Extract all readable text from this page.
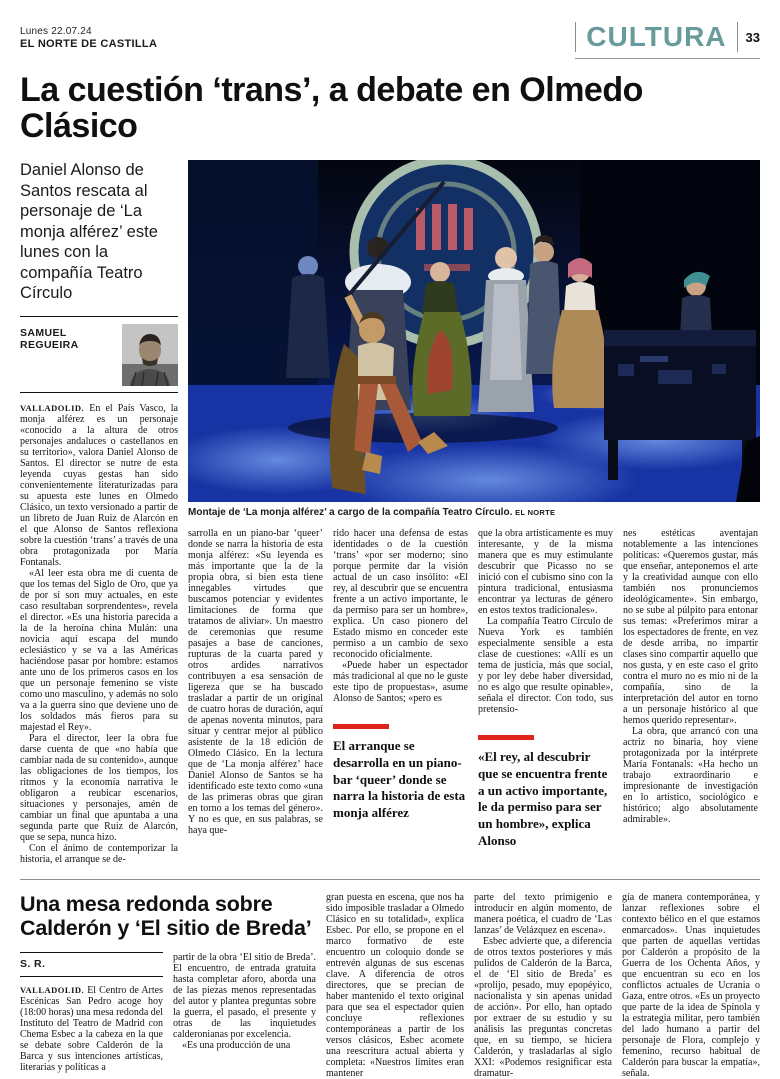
Lunes 22.07.24
EL NORTE DE CASTILLA	CULTURA	33
La cuestión ‘trans’, a debate en Olmedo Clásico
Daniel Alonso de Santos rescata al personaje de ‘La monja alférez’ este lunes con la compañía Teatro Círculo
SAMUEL REGUEIRA

VALLADOLID. En el País Vasco, la monja alférez es un personaje «conocido a la altura de otros personajes andaluces o castellanos en su territorio», valora Daniel Alonso de Santos. El director se nutre de esta leyenda cuyas gestas han sido convenientemente literaturizadas para su apuesta este lunes en Olmedo Clásico, un texto versionado a partir de un libreto de Juan Ruiz de Alarcón en el que Alonso de Santos reflexiona sobre la cuestión ‘trans’ a través de una obra protagonizada por María Fontanals.

«Al leer esta obra me di cuenta de que los temas del Siglo de Oro, que ya de por sí son muy actuales, en este caso resultaban sorprendentes», revela el director. «Es una historia parecida a la de la heroína china Mulán: una novicia aquí escapa del mundo eclesiástico y se va a las Américas haciéndose pasar por hombre: estamos ante uno de los primeros casos en los que un personaje femenino se viste como uno masculino, y además no solo va a la guerra sino que deviene uno de los soldados más fieros para su majestad el Rey».

Para el director, leer la obra fue darse cuenta de que «no había que cambiar nada de su contenido», aunque las obligaciones de los tiempos, los ritmos y la economía narrativa le obligaron a reubicar escenarios, situaciones y personajes, amén de cambiar un final que apuntaba a una segunda parte que Ruiz de Alarcón, que se sepa, nunca hizo.

Con el ánimo de contemporizar la historia, el arranque se de-

Montaje de ‘La monja alférez’ a cargo de la compañía Teatro Círculo. EL NORTE

sarrolla en un piano-bar ‘queer’ donde se narra la historia de esta monja alférez: «Su leyenda es más importante que la de la propia obra, si bien esta tiene innegables virtudes que buscamos potenciar y evidentes limitaciones de forma que tratamos de aliviar». Un maestro de ceremonias que resume pasajes a base de canciones, rupturas de la cuarta pared y otros ardides narrativos contribuyen a esa sensación de ligereza que se ha buscado trasladar a partir de un original de cuatro horas de duración, aquí de apenas noventa minutos, para situar y centrar mejor al público asistente de la 18 edición de Olmedo Clásico. En la lectura que de ‘La monja alférez’ hace Daniel Alonso de Santos se ha identificado este texto como «una de las primeras obras que giran en torno a los temas del género». Y no es que, en sus palabras, se haya que-

rido hacer una defensa de estas identidades o de la cuestión ‘trans’ «por ser moderno; sino porque permite dar la visión actual de un caso insólito: «El rey, al descubrir que se encuentra frente a un activo importante, le da permiso para ser un hombre», explica. Un caso pionero del Estado mismo en conceder este permiso a un cambio de sexo reconocido oficialmente.

«Puede haber un espectador más tradicional al que no le guste este tipo de propuestas», asume Alonso de Santos; «pero es

El arranque se desarrolla en un piano-bar ‘queer’ donde se narra la historia de esta monja alférez

que la obra artísticamente es muy interesante, y de la misma manera que es muy estimulante descubrir que Picasso no se inició con el cubismo sino con la pintura tradicional, entusiasma encontrar ya lecturas de género en estos textos tradicionales».

La compañía Teatro Círculo de Nueva York es también especialmente sensible a esta clase de cuestiones: «Allí es un tema de justicia, más que social, y por ley debe haber diversidad, no es algo que resulte opinable», señala el director. Con todo, sus pretensio-

«El rey, al descubrir que se encuentra frente a un activo importante, le da permiso para ser un hombre», explica Alonso

nes estéticas aventajan notablemente a las intenciones políticas: «Queremos gustar, más que enseñar, anteponemos el arte y la creatividad aunque con ello también nos pronunciemos ideológicamente». Sin embargo, no se sube al púlpito para entonar sus temas: «Preferimos mirar a los espectadores de frente, en vez de desde arriba, no impartir clases sino compartir aquello que nos gusta, y en este caso el grito contra el muro no es mío ni de la compañía, sino de la interpretación del autor en torno a un personaje histórico al que hemos querido representar».

La obra, que arrancó con una actriz no binaria, hoy viene protagonizada por la intérprete María Fontanals: «Ha hecho un trabajo extraordinario e impresionante de investigación en lo artístico, sociológico e histórico; algo absolutamente admirable».

Una mesa redonda sobre Calderón y ‘El sitio de Breda’
S. R.

VALLADOLID. El Centro de Artes Escénicas San Pedro acoge hoy (18:00 horas) una mesa redonda del Instituto del Teatro de Madrid con Chema Esbec a la cabeza en la que se debate sobre Calderón de la Barca y sus intenciones artísticas, literarias y políticas a

partir de la obra ‘El sitio de Breda’. El encuentro, de entrada gratuita hasta completar aforo, aborda una de las piezas menos representadas del autor y plantea preguntas sobre la guerra, el pasado, el presente y otras de las inquietudes calderonianas por excelencia.

«Es una producción de una

gran puesta en escena, que nos ha sido imposible trasladar a Olmedo Clásico en su totalidad», explica Esbec. Por ello, se propone en el marco formativo de este encuentro un coloquio donde se entrevén algunas de sus escenas clave. A diferencia de otros directores, que se precian de haber mantenido el texto original para que sea el espectador quien concluye reflexiones contemporáneas a partir de los versos clásicos, Esbec acomete una reescritura actual abierta y completa: «Nuestros límites eran mantener

parte del texto primigenio e introducir en algún momento, de manera poética, el cuadro de ‘Las lanzas’ de Velázquez en escena».

Esbec advierte que, a diferencia de otros textos posteriores y más pulidos de Calderón de la Barca, el de ‘El sitio de Breda’ es «prolijo, pesado, muy epopéyico, nacionalista y sin apenas unidad de acción». Por ello, han optado por extraer de su estudio y su análisis las preguntas concretas que, en su tiempo, se hiciera Calderón, y trasladarlas al siglo XXI: «Podemos resignificar esta dramatur-

gía de manera contemporánea, y lanzar reflexiones sobre el contexto bélico en el que estamos enmarcados». Unas inquietudes que parten de aquellas vertidas por Calderón a propósito de la Guerra de los Ochenta Años, y que encuentran su eco en los conflictos actuales de Ucrania o Gaza, entre otros. «Es un proyecto que parte de la idea de Spínola y la estrategia militar, pero también del lado humano a partir del personaje de Flora, complejo y femenino, recurso habitual de Calderón para buscar la empatía», señala.
